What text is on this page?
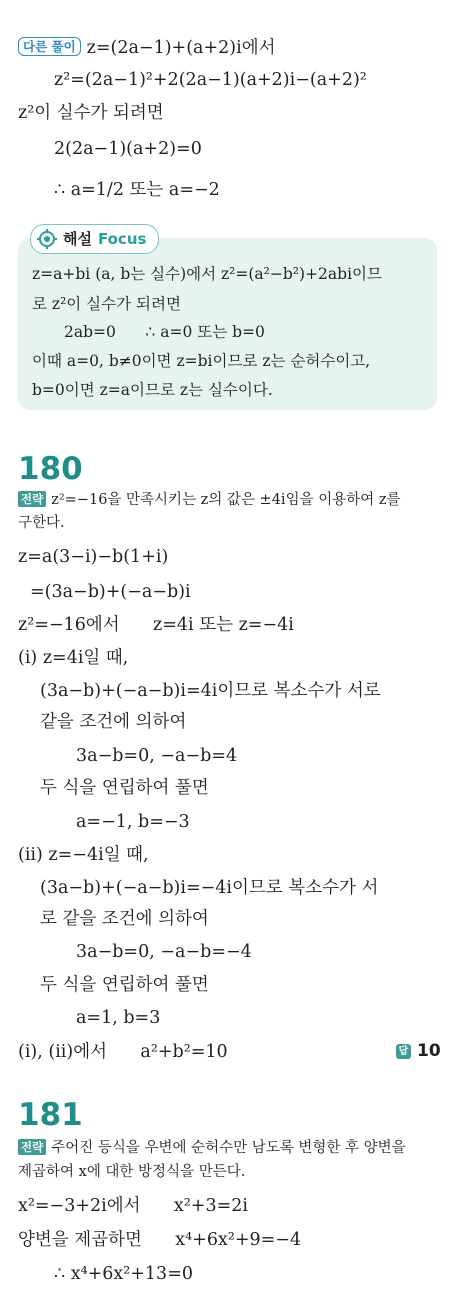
다른 풀이 z=(2a−1)+(a+2)i에서
z²=(2a−1)²+2(2a−1)(a+2)i−(a+2)²
z²이 실수가 되려면
2(2a−1)(a+2)=0
∴ a=1/2 또는 a=−2
해설 Focus
z=a+bi (a, b는 실수)에서 z²=(a²−b²)+2abi이므
로 z²이 실수가 되려면
2ab=0      ∴ a=0 또는 b=0
이때 a=0, b≠0이면 z=bi이므로 z는 순허수이고,
b=0이면 z=a이므로 z는 실수이다.
180
전략 z²=−16을 만족시키는 z의 값은 ±4i임을 이용하여 z를
구한다.
z=a(3−i)−b(1+i)
=(3a−b)+(−a−b)i
z²=−16에서      z=4i 또는 z=−4i
(i) z=4i일 때,
(3a−b)+(−a−b)i=4i이므로 복소수가 서로
같을 조건에 의하여
3a−b=0, −a−b=4
두 식을 연립하여 풀면
a=−1, b=−3
(ii) z=−4i일 때,
(3a−b)+(−a−b)i=−4i이므로 복소수가 서
로 같을 조건에 의하여
3a−b=0, −a−b=−4
두 식을 연립하여 풀면
a=1, b=3
(i), (ii)에서      a²+b²=10	답 10
181
전략 주어진 등식을 우변에 순허수만 남도록 변형한 후 양변을
제곱하여 x에 대한 방정식을 만든다.
x²=−3+2i에서      x²+3=2i
양변을 제곱하면      x⁴+6x²+9=−4
∴ x⁴+6x²+13=0
